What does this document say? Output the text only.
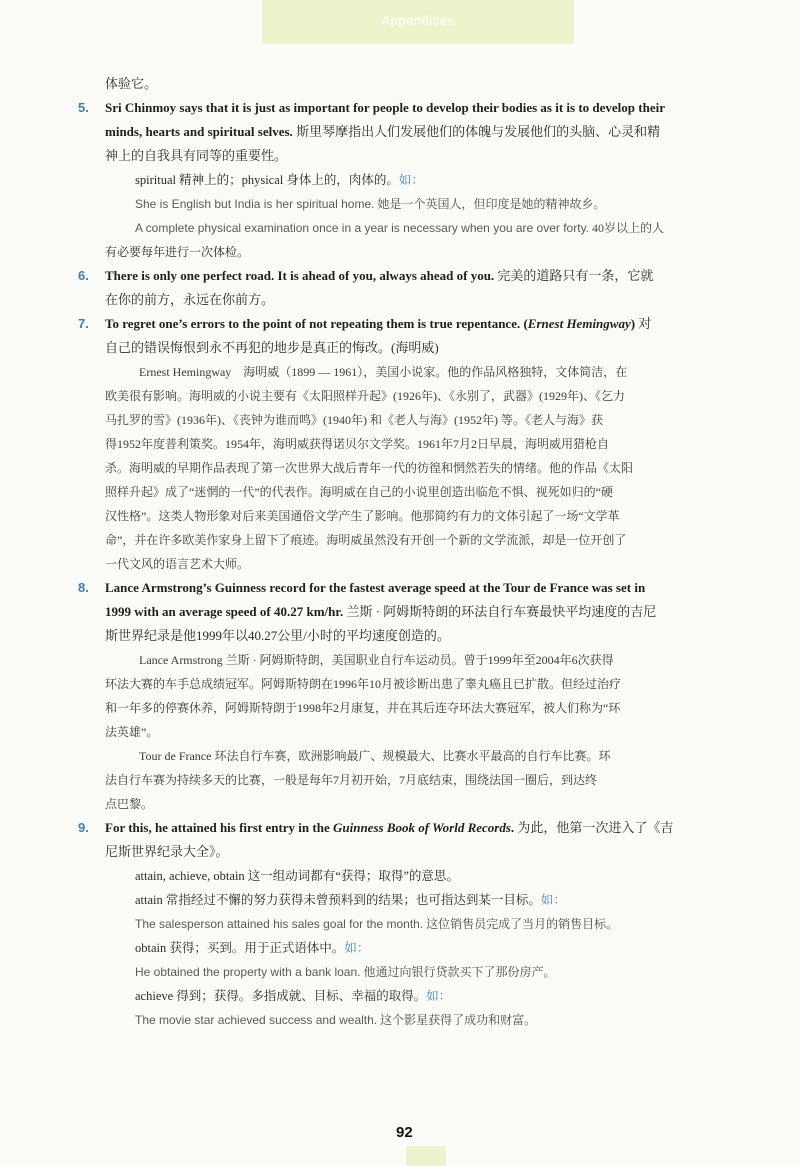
$^{Appendices}$
体验它。
5. Sri Chinmoy says that it is just as important for people to develop their bodies as it is to develop their
minds, hearts and spiritual selves. 斯里琴摩指出人们发展他们的体魄与发展他们的头脑、心灵和精
神上的自我具有同等的重要性。
spiritual 精神上的；physical 身体上的，肉体的。如：
She is English but India is her spiritual home. 她是一个英国人，但印度是她的精神故乡。
A complete physical examination once in a year is necessary when you are over forty. 40岁以上的人
有必要每年进行一次体检。
6. There is only one perfect road. It is ahead of you, always ahead of you. 完美的道路只有一条，它就
在你的前方，永远在你前方。
7. To regret one’s errors to the point of not repeating them is true repentance. (Ernest Hemingway) 对
自己的错误悔恨到永不再犯的地步是真正的悔改。(海明威)
Ernest Hemingway　海明威（1899 — 1961），美国小说家。他的作品风格独特，文体简洁，在
欧美很有影响。海明威的小说主要有《太阳照样升起》(1926年)、《永别了，武器》(1929年)、《乞力
马扎罗的雪》(1936年)、《丧钟为谁而鸣》(1940年) 和《老人与海》(1952年) 等。《老人与海》获
得1952年度普利策奖。1954年，海明威获得诺贝尔文学奖。1961年7月2日早晨，海明威用猎枪自
杀。海明威的早期作品表现了第一次世界大战后青年一代的彷徨和惘然若失的情绪。他的作品《太阳
照样升起》成了“迷惘的一代”的代表作。海明威在自己的小说里创造出临危不惧、视死如归的“硬
汉性格”。这类人物形象对后来美国通俗文学产生了影响。他那简约有力的文体引起了一场“文学革
命”，并在许多欧美作家身上留下了痕迹。海明威虽然没有开创一个新的文学流派，却是一位开创了
一代文风的语言艺术大师。
8. Lance Armstrong’s Guinness record for the fastest average speed at the Tour de France was set in
1999 with an average speed of 40.27 km/hr. 兰斯 · 阿姆斯特朗的环法自行车赛最快平均速度的吉尼
斯世界纪录是他1999年以40.27公里/小时的平均速度创造的。
Lance Armstrong 兰斯 · 阿姆斯特朗，美国职业自行车运动员。曾于1999年至2004年6次获得
环法大赛的车手总成绩冠军。阿姆斯特朗在1996年10月被诊断出患了睾丸癌且已扩散。但经过治疗
和一年多的停赛休养，阿姆斯特朗于1998年2月康复，并在其后连夺环法大赛冠军，被人们称为“环
法英雄”。
Tour de France 环法自行车赛，欧洲影响最广、规模最大、比赛水平最高的自行车比赛。环
法自行车赛为持续多天的比赛，一般是每年7月初开始，7月底结束，围绕法国一圈后，到达终
点巴黎。
9. For this, he attained his first entry in the Guinness Book of World Records. 为此，他第一次进入了《吉
尼斯世界纪录大全》。
attain, achieve, obtain 这一组动词都有“获得；取得”的意思。
attain 常指经过不懈的努力获得未曾预料到的结果；也可指达到某一目标。如：
The salesperson attained his sales goal for the month. 这位销售员完成了当月的销售目标。
obtain 获得；买到。用于正式语体中。如：
He obtained the property with a bank loan. 他通过向银行贷款买下了那份房产。
achieve 得到；获得。多指成就、目标、幸福的取得。如：
The movie star achieved success and wealth. 这个影星获得了成功和财富。
92
